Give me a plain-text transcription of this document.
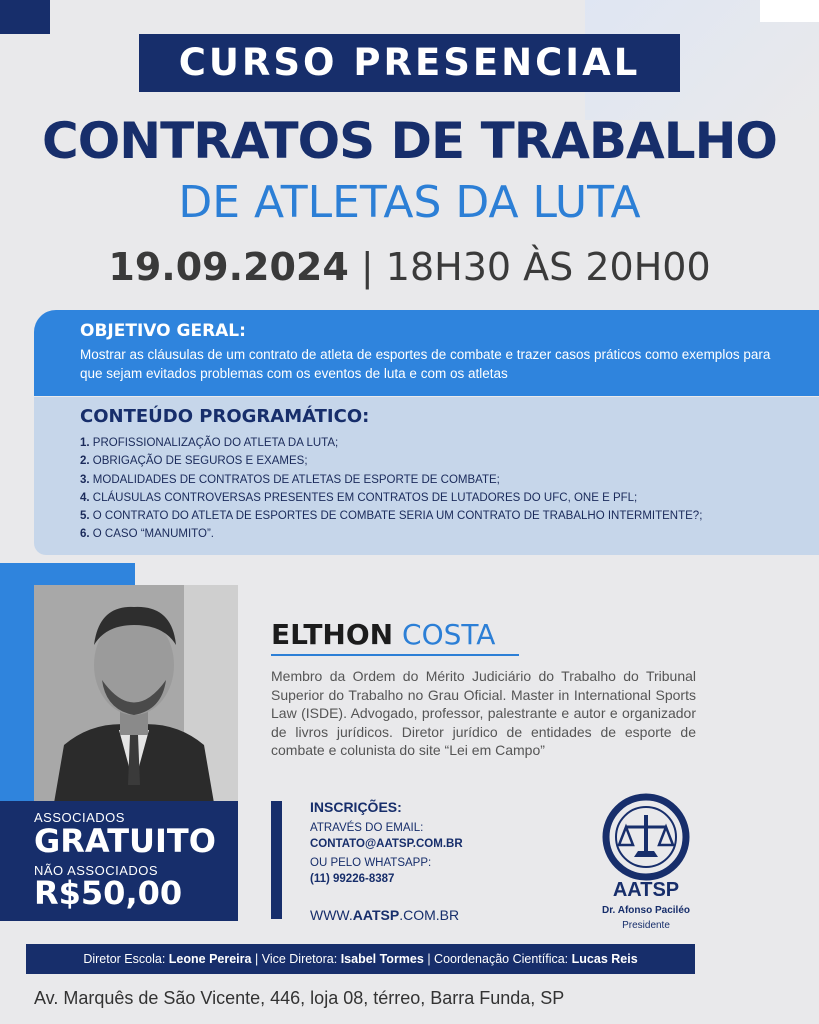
CURSO PRESENCIAL
CONTRATOS DE TRABALHO
DE ATLETAS DA LUTA
19.09.2024 | 18H30 ÀS 20H00
OBJETIVO GERAL:
Mostrar as cláusulas de um contrato de atleta de esportes de combate e trazer casos práticos como exemplos para que sejam evitados problemas com os eventos de luta e com os atletas
CONTEÚDO PROGRAMÁTICO:
1. PROFISSIONALIZAÇÃO DO ATLETA DA LUTA;
2. OBRIGAÇÃO DE SEGUROS E EXAMES;
3. MODALIDADES DE CONTRATOS DE ATLETAS DE ESPORTE DE COMBATE;
4. CLÁUSULAS CONTROVERSAS PRESENTES EM CONTRATOS DE LUTADORES DO UFC, ONE E PFL;
5. O CONTRATO DO ATLETA DE ESPORTES DE COMBATE SERIA UM CONTRATO DE TRABALHO INTERMITENTE?;
6. O CASO “MANUMITO”.
ASSOCIADOS
GRATUITO
NÃO ASSOCIADOS
R$50,00
ELTHON COSTA
Membro da Ordem do Mérito Judiciário do Trabalho do Tribunal Superior do Trabalho no Grau Oficial. Master in International Sports Law (ISDE). Advogado, professor, palestrante e autor e organizador de livros jurídicos. Diretor jurídico de entidades de esporte de combate e colunista do site “Lei em Campo”
INSCRIÇÕES:
ATRAVÉS DO EMAIL:
CONTATO@AATSP.COM.BR
OU PELO WHATSAPP:
(11) 99226-8387
WWW.AATSP.COM.BR
AATSP
Dr. Afonso Paciléo
Presidente
Diretor Escola: Leone Pereira | Vice Diretora: Isabel Tormes | Coordenação Científica: Lucas Reis
Av. Marquês de São Vicente, 446, loja 08, térreo, Barra Funda, SP
